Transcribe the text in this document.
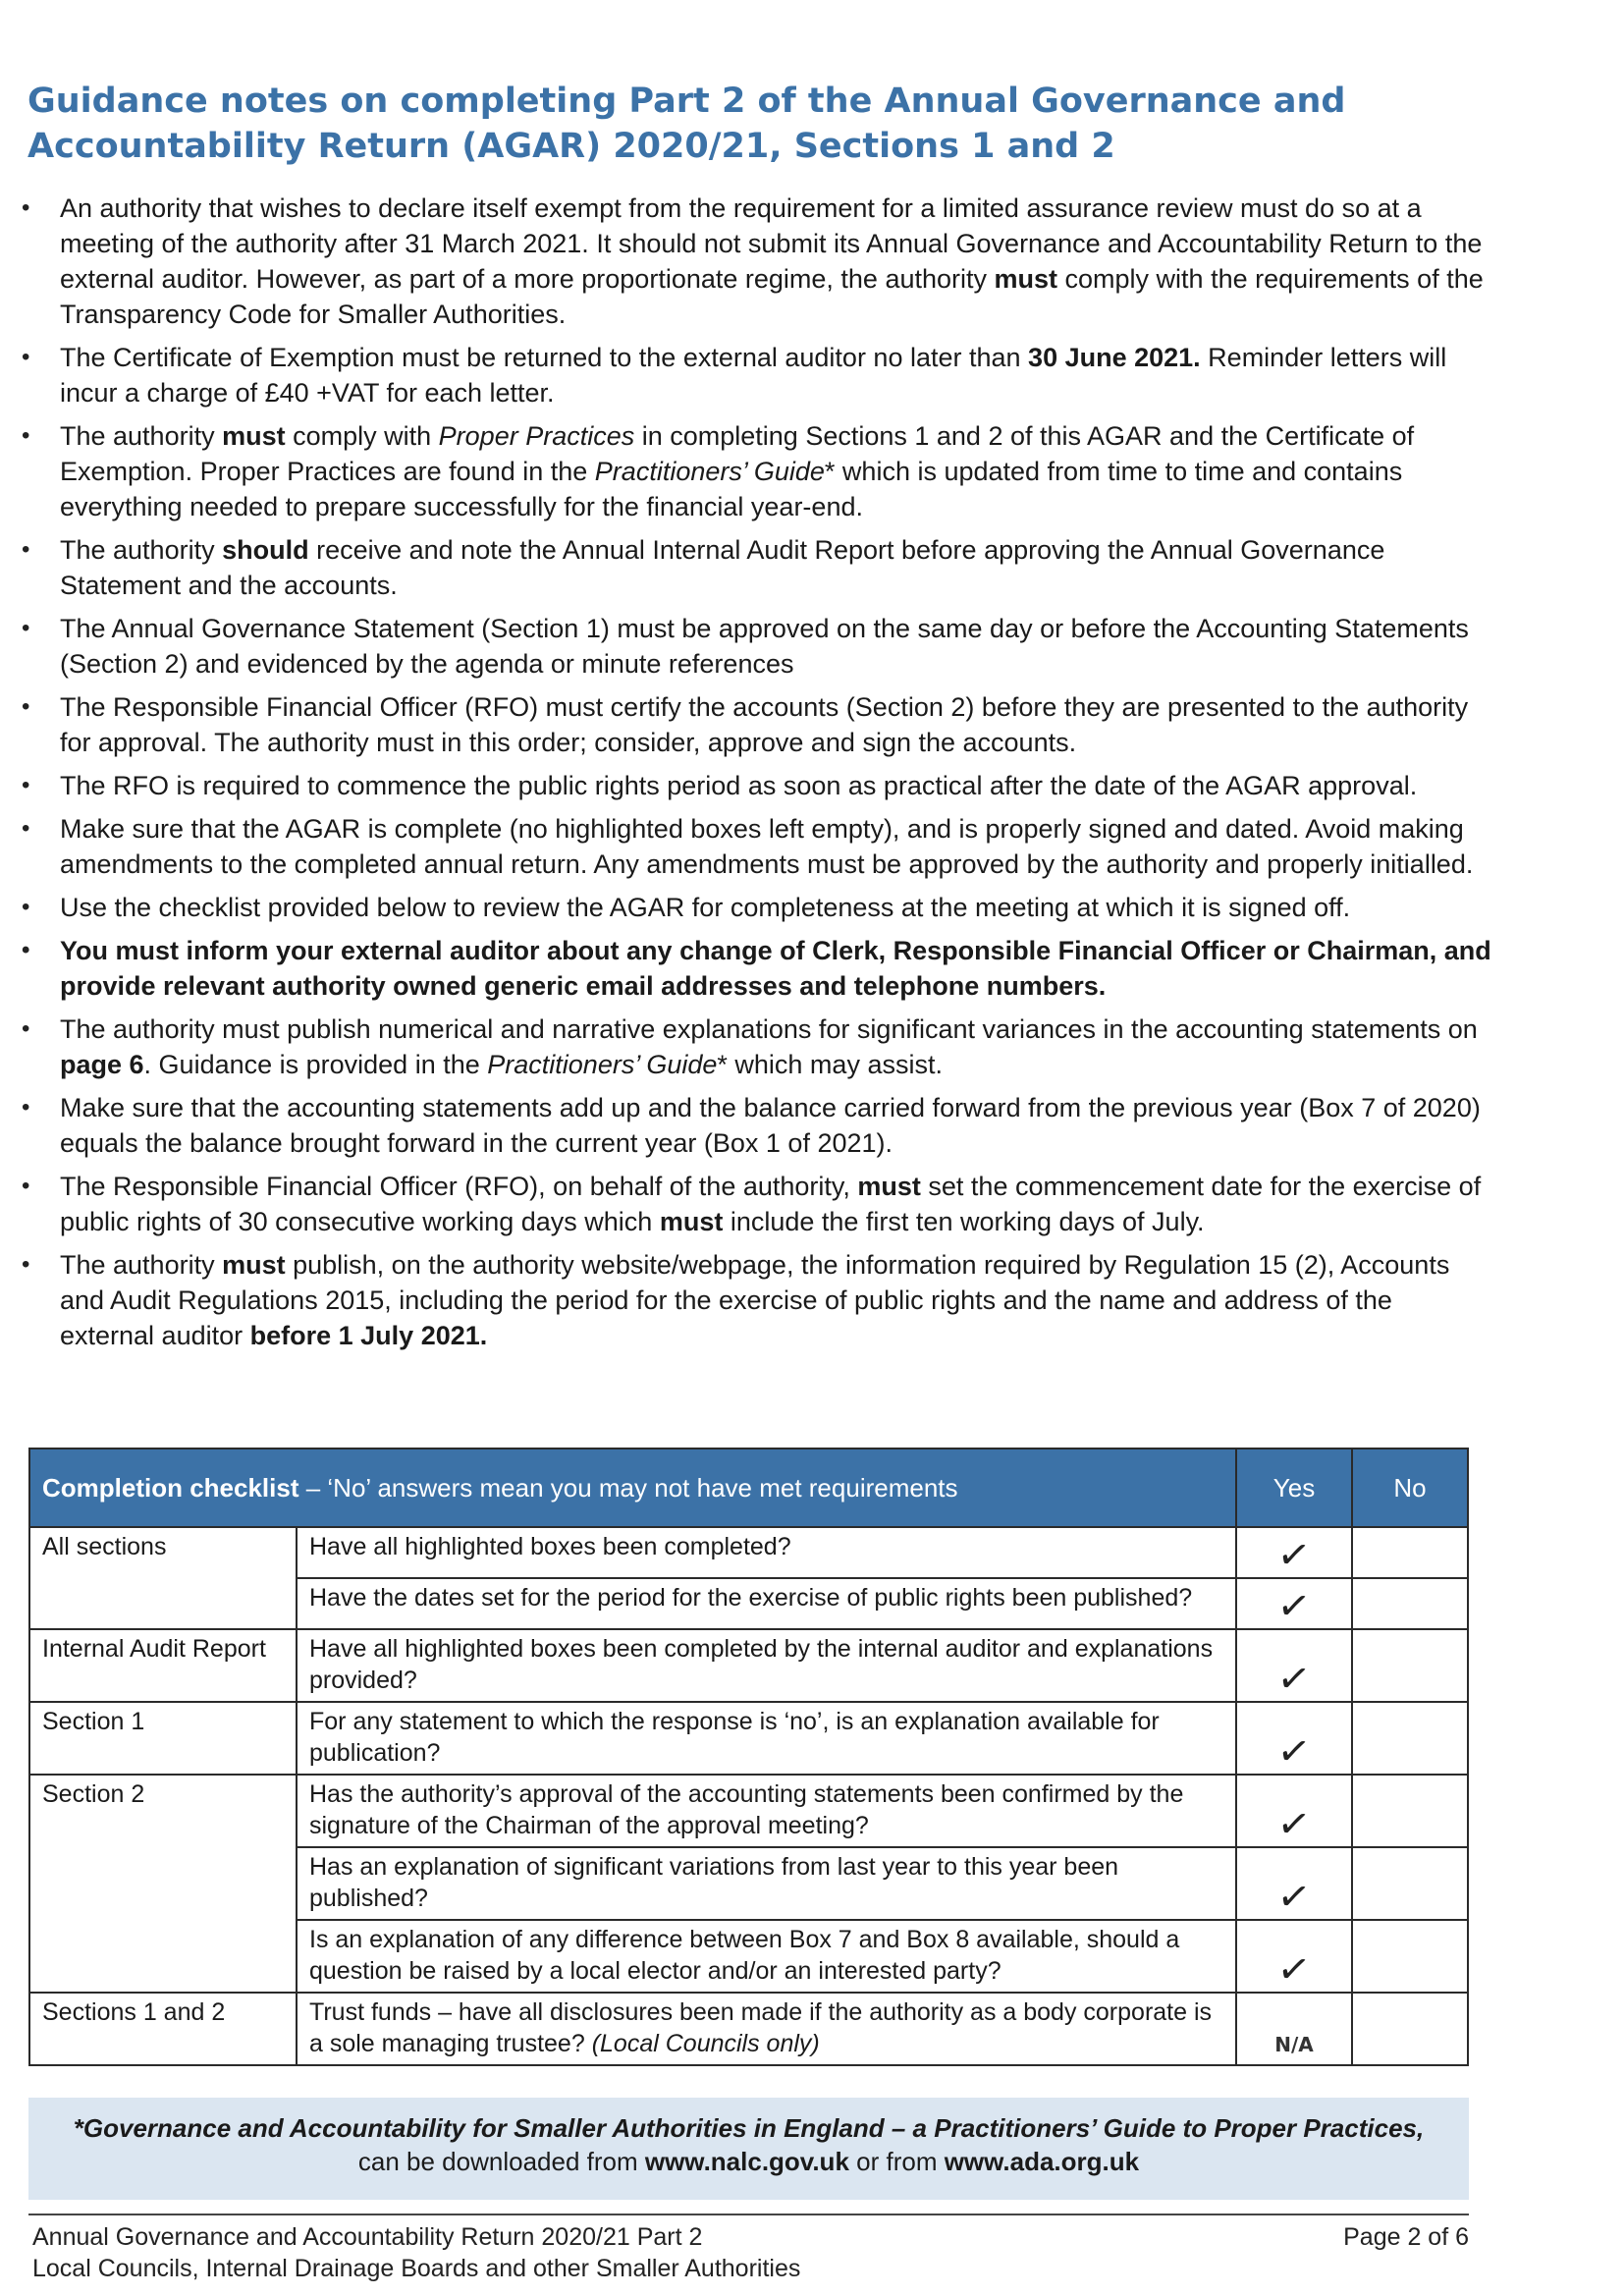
Guidance notes on completing Part 2 of the Annual Governance and Accountability Return (AGAR) 2020/21, Sections 1 and 2
• An authority that wishes to declare itself exempt from the requirement for a limited assurance review must do so at a meeting of the authority after 31 March 2021. It should not submit its Annual Governance and Accountability Return to the external auditor. However, as part of a more proportionate regime, the authority must comply with the requirements of the Transparency Code for Smaller Authorities.
• The Certificate of Exemption must be returned to the external auditor no later than 30 June 2021. Reminder letters will incur a charge of £40 +VAT for each letter.
• The authority must comply with Proper Practices in completing Sections 1 and 2 of this AGAR and the Certificate of Exemption. Proper Practices are found in the Practitioners’ Guide* which is updated from time to time and contains everything needed to prepare successfully for the financial year-end.
• The authority should receive and note the Annual Internal Audit Report before approving the Annual Governance Statement and the accounts.
• The Annual Governance Statement (Section 1) must be approved on the same day or before the Accounting Statements (Section 2) and evidenced by the agenda or minute references
• The Responsible Financial Officer (RFO) must certify the accounts (Section 2) before they are presented to the authority for approval. The authority must in this order; consider, approve and sign the accounts.
• The RFO is required to commence the public rights period as soon as practical after the date of the AGAR approval.
• Make sure that the AGAR is complete (no highlighted boxes left empty), and is properly signed and dated. Avoid making amendments to the completed annual return. Any amendments must be approved by the authority and properly initialled.
• Use the checklist provided below to review the AGAR for completeness at the meeting at which it is signed off.
• You must inform your external auditor about any change of Clerk, Responsible Financial Officer or Chairman, and provide relevant authority owned generic email addresses and telephone numbers.
• The authority must publish numerical and narrative explanations for significant variances in the accounting statements on page 6. Guidance is provided in the Practitioners’ Guide* which may assist.
• Make sure that the accounting statements add up and the balance carried forward from the previous year (Box 7 of 2020) equals the balance brought forward in the current year (Box 1 of 2021).
• The Responsible Financial Officer (RFO), on behalf of the authority, must set the commencement date for the exercise of public rights of 30 consecutive working days which must include the first ten working days of July.
• The authority must publish, on the authority website/webpage, the information required by Regulation 15 (2), Accounts and Audit Regulations 2015, including the period for the exercise of public rights and the name and address of the external auditor before 1 July 2021.
Completion checklist – ‘No’ answers mean you may not have met requirements		Yes	No
All sections	Have all highlighted boxes been completed?	✓	
	Have the dates set for the period for the exercise of public rights been published?	✓	
Internal Audit Report	Have all highlighted boxes been completed by the internal auditor and explanations provided?	✓	
Section 1	For any statement to which the response is ‘no’, is an explanation available for publication?	✓	
Section 2	Has the authority’s approval of the accounting statements been confirmed by the signature of the Chairman of the approval meeting?	✓	
	Has an explanation of significant variations from last year to this year been published?	✓	
	Is an explanation of any difference between Box 7 and Box 8 available, should a question be raised by a local elector and/or an interested party?	✓	
Sections 1 and 2	Trust funds – have all disclosures been made if the authority as a body corporate is a sole managing trustee? (Local Councils only)	N/A	
*Governance and Accountability for Smaller Authorities in England – a Practitioners’ Guide to Proper Practices,
can be downloaded from www.nalc.gov.uk or from www.ada.org.uk
Annual Governance and Accountability Return 2020/21 Part 2
Local Councils, Internal Drainage Boards and other Smaller Authorities
Page 2 of 6
